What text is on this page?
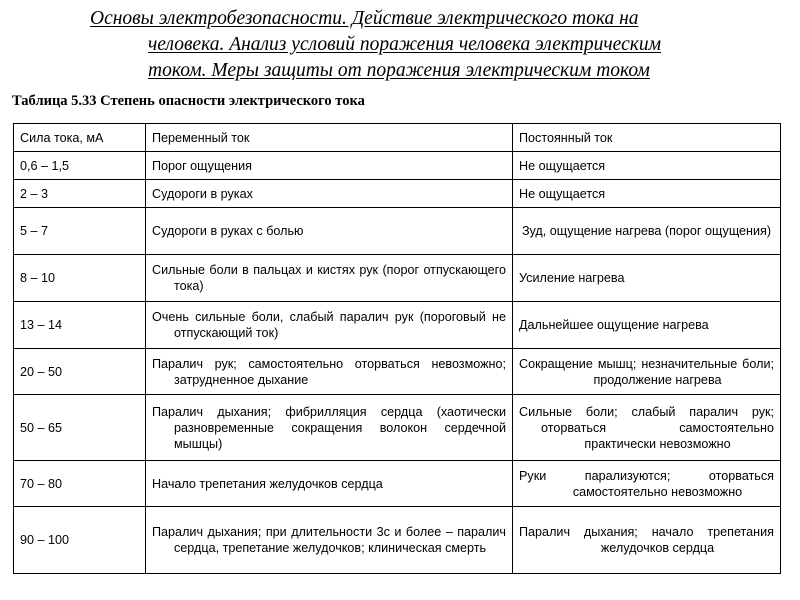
Основы электробезопасности. Действие электрического тока на
человека. Анализ условий поражения человека электрическим
током. Меры защиты от поражения электрическим током
Таблица 5.33 Степень опасности электрического тока
Сила тока, мА	Переменный ток	Постоянный ток
0,6 – 1,5	Порог ощущения	Не ощущается
2 – 3	Судороги в руках	Не ощущается
5 – 7	Судороги в руках с болью	Зуд, ощущение нагрева (порог ощущения)
8 – 10	Сильные боли в пальцах и кистях рук (порог отпускающего тока)	Усиление нагрева
13 – 14	Очень сильные боли, слабый паралич рук (пороговый не отпускающий ток)	Дальнейшее ощущение нагрева
20 – 50	Паралич рук; самостоятельно оторваться невозможно; затрудненное дыхание	Сокращение мышц; незначительные боли; продолжение нагрева
50 – 65	Паралич дыхания; фибрилляция сердца (хаотически разновременные сокращения волокон сердечной мышцы)	Сильные боли; слабый паралич рук; оторваться самостоятельно практически невозможно
70 – 80	Начало трепетания желудочков сердца	Руки парализуются; оторваться самостоятельно невозможно
90 – 100	Паралич дыхания; при длительности 3с и более – паралич сердца, трепетание желудочков; клиническая смерть	Паралич дыхания; начало трепетания желудочков сердца
